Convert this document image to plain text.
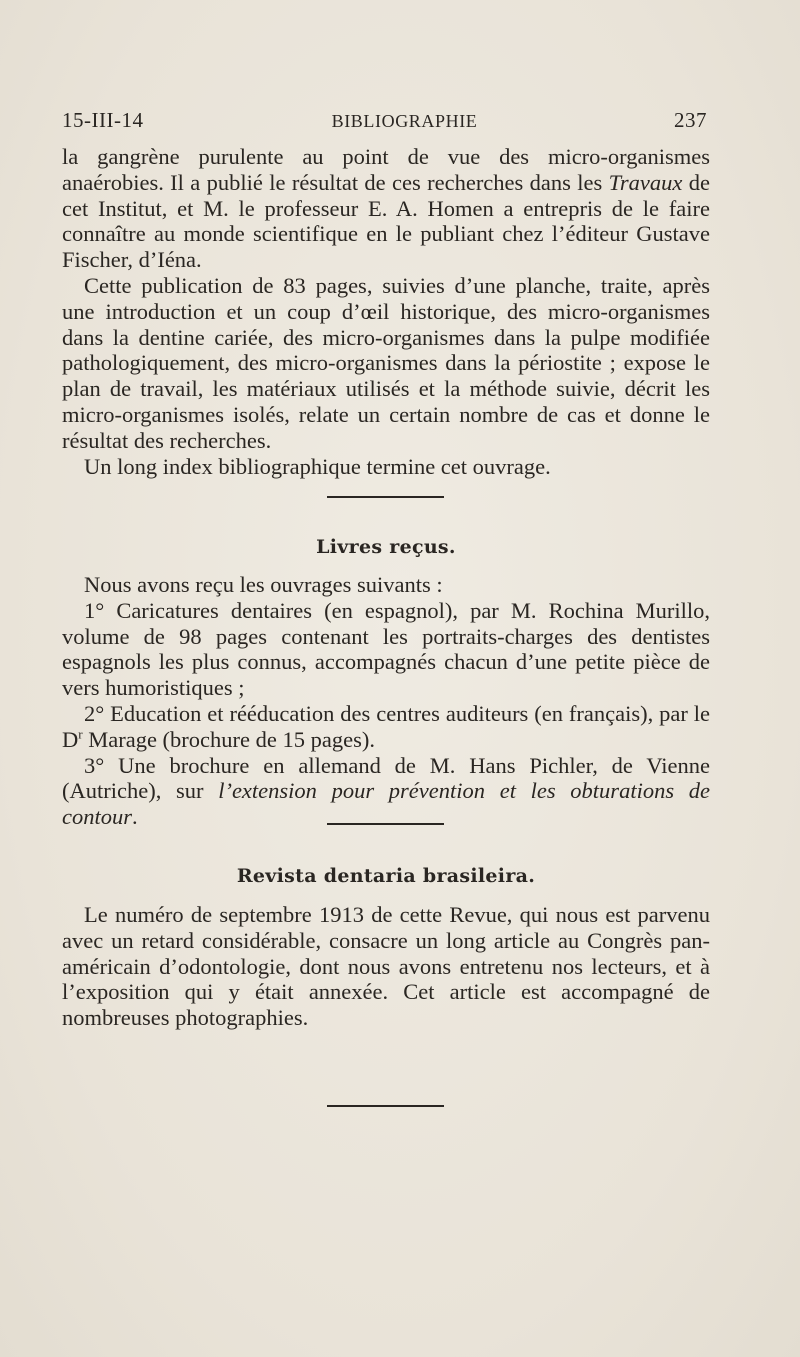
15-III-14	BIBLIOGRAPHIE	237

la gangrène purulente au point de vue des micro-organismes anaérobies. Il a publié le résultat de ces recherches dans les Travaux de cet Institut, et M. le professeur E. A. Homen a entrepris de le faire connaître au monde scientifique en le publiant chez l’éditeur Gustave Fischer, d’Iéna.

Cette publication de 83 pages, suivies d’une planche, traite, après une introduction et un coup d’œil historique, des micro-organismes dans la dentine cariée, des micro-organismes dans la pulpe modifiée pathologiquement, des micro-organismes dans la périostite ; expose le plan de travail, les matériaux utilisés et la méthode suivie, décrit les micro-organismes isolés, relate un certain nombre de cas et donne le résultat des recherches.

Un long index bibliographique termine cet ouvrage.

Livres reçus.

Nous avons reçu les ouvrages suivants :

1° Caricatures dentaires (en espagnol), par M. Rochina Murillo, volume de 98 pages contenant les portraits-charges des dentistes espagnols les plus connus, accompagnés chacun d’une petite pièce de vers humoristiques ;

2° Education et rééducation des centres auditeurs (en français), par le $D^r$ Marage (brochure de 15 pages).

3° Une brochure en allemand de M. Hans Pichler, de Vienne (Autriche), sur l’extension pour prévention et les obturations de contour.

Revista dentaria brasileira.

Le numéro de septembre 1913 de cette Revue, qui nous est parvenu avec un retard considérable, consacre un long article au Congrès pan-américain d’odontologie, dont nous avons entretenu nos lecteurs, et à l’exposition qui y était annexée. Cet article est accompagné de nombreuses photographies.
